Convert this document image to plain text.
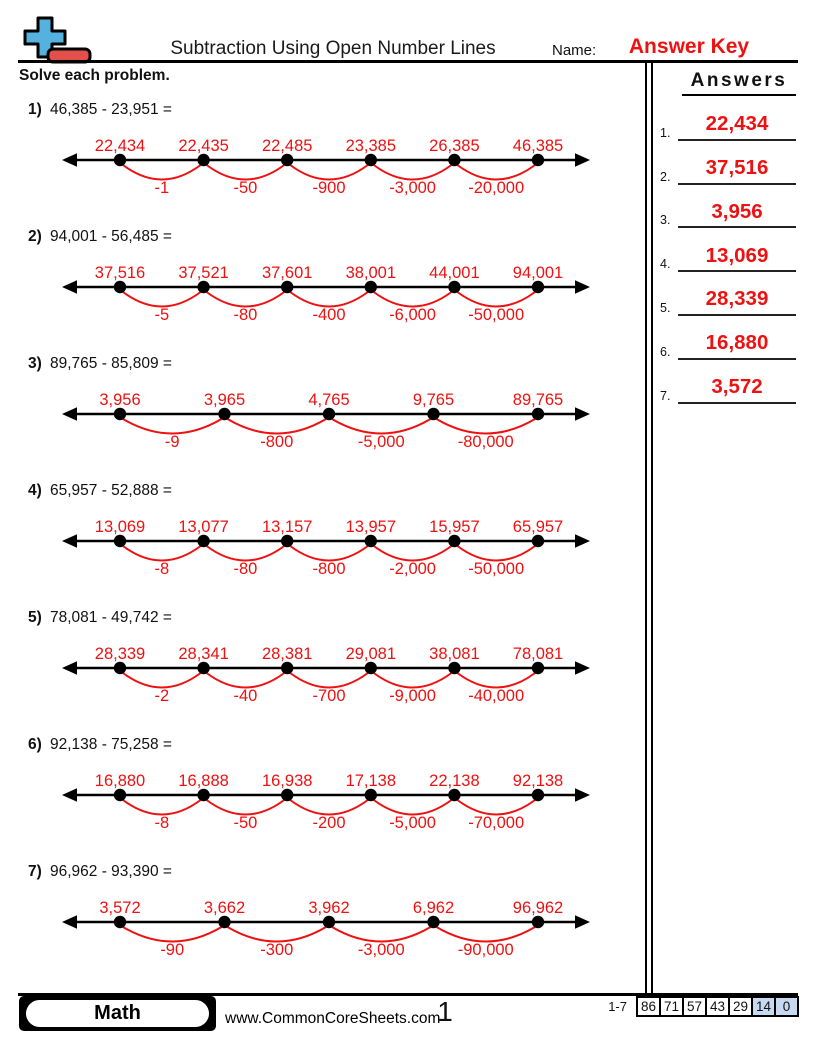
Subtraction Using Open Number Lines	Name:	Answer Key
Solve each problem.
1) 46,385 - 23,951 =
-1	-50	-900	-3,000 -20,000
22,434 22,435 22,485 23,385 26,385 46,385
2) 94,001 - 56,485 =
-5	-80	-400	-6,000 -50,000
37,516 37,521 37,601 38,001 44,001 94,001
3) 89,765 - 85,809 =
-9	-800	-5,000	-80,000
3,956	3,965	4,765	9,765	89,765
4) 65,957 - 52,888 =
-8	-80	-800	-2,000 -50,000
13,069 13,077 13,157 13,957 15,957 65,957
5) 78,081 - 49,742 =
-2	-40	-700	-9,000 -40,000
28,339 28,341 28,381 29,081 38,081 78,081
6) 92,138 - 75,258 =
-8	-50	-200	-5,000 -70,000
16,880 16,888 16,938 17,138 22,138 92,138
7) 96,962 - 93,390 =
-90	-300	-3,000	-90,000
3,572	3,662	3,962	6,962	96,962
Answers
1.	22,434
2.	37,516
3.	3,956
4.	13,069
5.	28,339
6.	16,880
7.	3,572
Math	www.CommonCoreSheets.com
1	1-7	86 71 57 43 29 14 0
